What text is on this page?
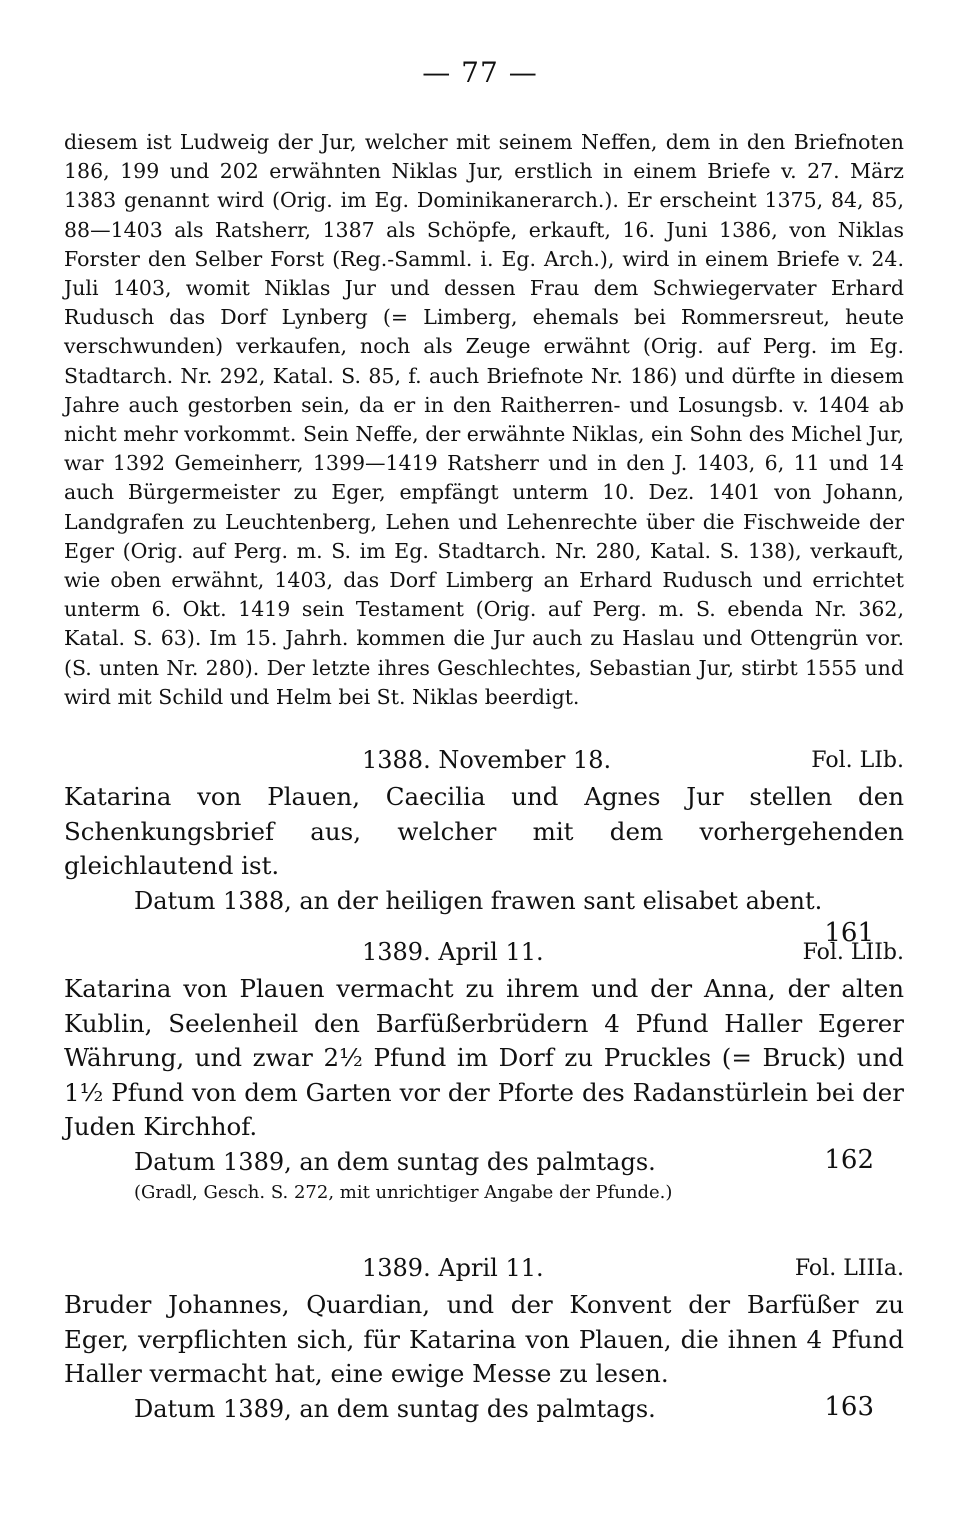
— 77 —

diesem ist Ludweig der Jur, welcher mit seinem Neffen, dem in den Briefnoten 186, 199 und 202 erwähnten Niklas Jur, erstlich in einem Briefe v. 27. März 1383 genannt wird (Orig. im Eg. Dominikanerarch.). Er erscheint 1375, 84, 85, 88—1403 als Ratsherr, 1387 als Schöpfe, erkauft, 16. Juni 1386, von Niklas Forster den Selber Forst (Reg.-Samml. i. Eg. Arch.), wird in einem Briefe v. 24. Juli 1403, womit Niklas Jur und dessen Frau dem Schwiegervater Erhard Rudusch das Dorf Lynberg (= Limberg, ehemals bei Rommersreut, heute verschwunden) verkaufen, noch als Zeuge erwähnt (Orig. auf Perg. im Eg. Stadtarch. Nr. 292, Katal. S. 85, f. auch Briefnote Nr. 186) und dürfte in diesem Jahre auch gestorben sein, da er in den Raitherren- und Losungsb. v. 1404 ab nicht mehr vorkommt. Sein Neffe, der erwähnte Niklas, ein Sohn des Michel Jur, war 1392 Gemeinherr, 1399—1419 Ratsherr und in den J. 1403, 6, 11 und 14 auch Bürgermeister zu Eger, empfängt unterm 10. Dez. 1401 von Johann, Landgrafen zu Leuchtenberg, Lehen und Lehenrechte über die Fischweide der Eger (Orig. auf Perg. m. S. im Eg. Stadtarch. Nr. 280, Katal. S. 138), verkauft, wie oben erwähnt, 1403, das Dorf Limberg an Erhard Rudusch und errichtet unterm 6. Okt. 1419 sein Testament (Orig. auf Perg. m. S. ebenda Nr. 362, Katal. S. 63). Im 15. Jahrh. kommen die Jur auch zu Haslau und Ottengrün vor. (S. unten Nr. 280). Der letzte ihres Geschlechtes, Sebastian Jur, stirbt 1555 und wird mit Schild und Helm bei St. Niklas beerdigt.

1388. November 18.	Fol. LIb.

Katarina von Plauen, Caecilia und Agnes Jur stellen den Schenkungsbrief aus, welcher mit dem vorhergehenden gleichlautend ist.

Datum 1388, an der heiligen frawen sant elisabet abent.

161
1389. April 11.	Fol. LIIb.

Katarina von Plauen vermacht zu ihrem und der Anna, der alten Kublin, Seelenheil den Barfüßerbrüdern 4 Pfund Haller Egerer Währung, und zwar 2½ Pfund im Dorf zu Pruckles (= Bruck) und 1½ Pfund von dem Garten vor der Pforte des Radanstürlein bei der Juden Kirchhof.

Datum 1389, an dem suntag des palmtags.	162

(Gradl, Gesch. S. 272, mit unrichtiger Angabe der Pfunde.)

1389. April 11.	Fol. LIIIa.

Bruder Johannes, Quardian, und der Konvent der Barfüßer zu Eger, verpflichten sich, für Katarina von Plauen, die ihnen 4 Pfund Haller vermacht hat, eine ewige Messe zu lesen.

Datum 1389, an dem suntag des palmtags.	163
